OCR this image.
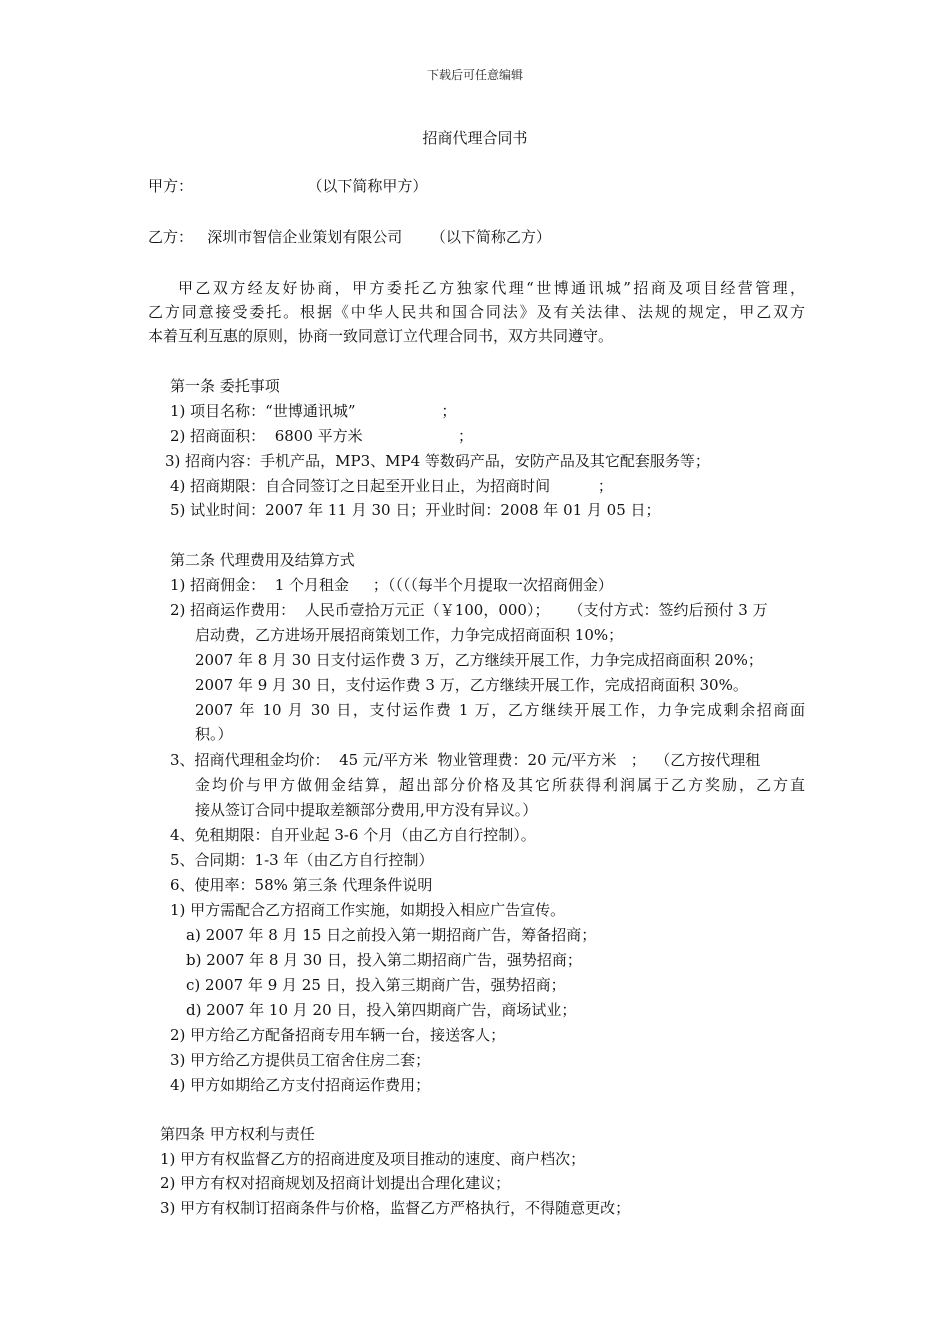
下载后可任意编辑
招商代理合同书
甲方：                        （以下简称甲方）
乙方：   深圳市智信企业策划有限公司      （以下简称乙方）
甲乙双方经友好协商，甲方委托乙方独家代理“世博通讯城”招商及项目经营管理，
乙方同意接受委托。根据《中华人民共和国合同法》及有关法律、法规的规定，甲乙双方
本着互利互惠的原则，协商一致同意订立代理合同书，双方共同遵守。
第一条 委托事项
1) 项目名称：“世博通讯城”                  ；
2) 招商面积：  6800 平方米                    ；
3) 招商内容：手机产品，MP3、MP4 等数码产品，安防产品及其它配套服务等；
4) 招商期限：自合同签订之日起至开业日止，为招商时间          ；
5) 试业时间：2007 年 11 月 30 日；开业时间：2008 年 01 月 05 日；
第二条 代理费用及结算方式
1) 招商佣金：  1 个月租金     ；（（（（每半个月提取一次招商佣金）
2) 招商运作费用：  人民币壹拾万元正（￥100，000）；    （支付方式：签约后预付 3 万
启动费，乙方进场开展招商策划工作，力争完成招商面积 10%；
2007 年 8 月 30 日支付运作费 3 万，乙方继续开展工作，力争完成招商面积 20%；
2007 年 9 月 30 日，支付运作费 3 万，乙方继续开展工作，完成招商面积 30%。
2007 年 10 月 30 日，支付运作费 1 万，乙方继续开展工作，力争完成剩余招商面
积。）
3、招商代理租金均价：  45 元/平方米  物业管理费：20 元/平方米   ；  （乙方按代理租
金均价与甲方做佣金结算，超出部分价格及其它所获得利润属于乙方奖励，乙方直
接从签订合同中提取差额部分费用,甲方没有异议。）
4、免租期限：自开业起 3-6 个月（由乙方自行控制）。
5、合同期：1-3 年（由乙方自行控制）
6、使用率：58% 第三条 代理条件说明
1) 甲方需配合乙方招商工作实施，如期投入相应广告宣传。
a) 2007 年 8 月 15 日之前投入第一期招商广告，筹备招商；
b) 2007 年 8 月 30 日，投入第二期招商广告，强势招商；
c) 2007 年 9 月 25 日，投入第三期商广告，强势招商；
d) 2007 年 10 月 20 日，投入第四期商广告，商场试业；
2) 甲方给乙方配备招商专用车辆一台，接送客人；
3) 甲方给乙方提供员工宿舍住房二套；
4) 甲方如期给乙方支付招商运作费用；
第四条 甲方权利与责任
1) 甲方有权监督乙方的招商进度及项目推动的速度、商户档次；
2) 甲方有权对招商规划及招商计划提出合理化建议；
3) 甲方有权制订招商条件与价格，监督乙方严格执行，不得随意更改；
